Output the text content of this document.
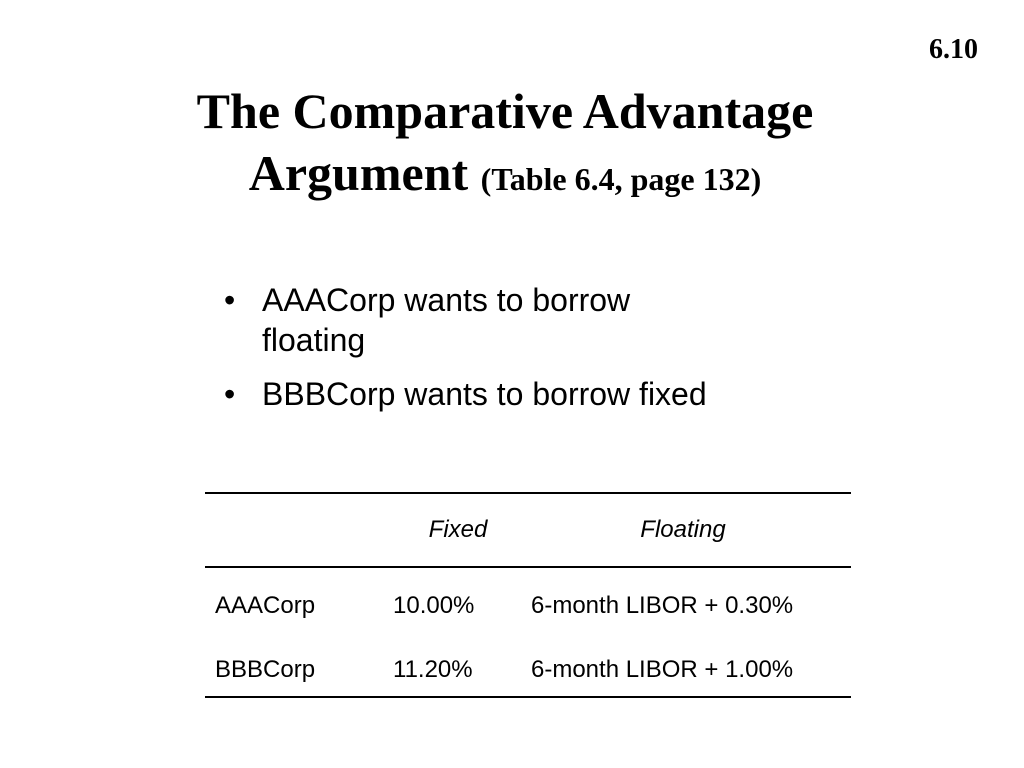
6.10
The Comparative Advantage
Argument (Table 6.4, page 132)
• AAACorp wants to borrow floating
• BBBCorp wants to borrow fixed
	Fixed	Floating
AAACorp	10.00%	6-month LIBOR + 0.30%
BBBCorp	11.20%	6-month LIBOR + 1.00%
